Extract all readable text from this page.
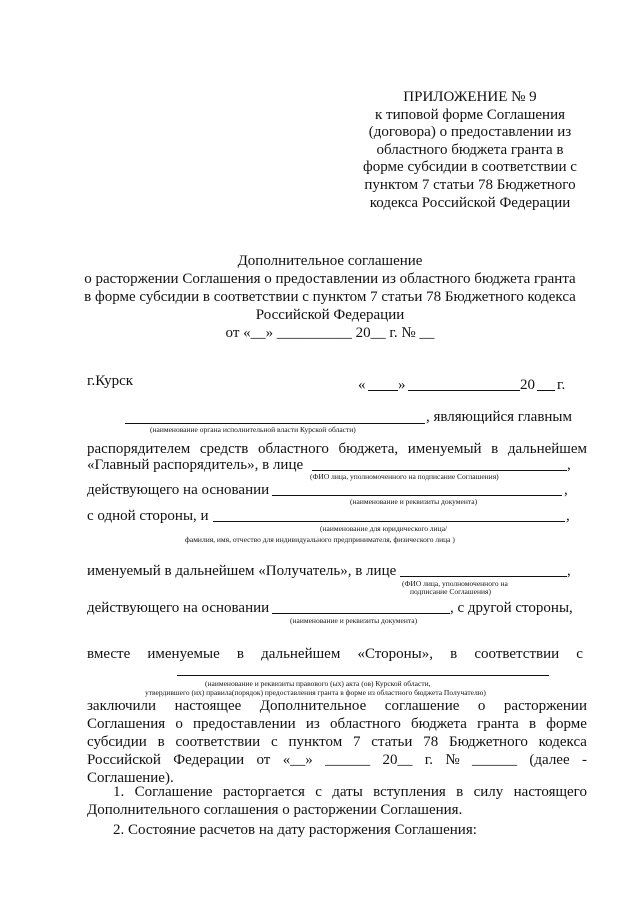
ПРИЛОЖЕНИЕ № 9
к типовой форме Соглашения
(договора) о предоставлении из
областного бюджета гранта в
форме субсидии в соответствии с
пунктом 7 статьи 78 Бюджетного
кодекса Российской Федерации
Дополнительное соглашение
о расторжении Соглашения о предоставлении из областного бюджета гранта
в форме субсидии в соответствии с пунктом 7 статьи 78 Бюджетного кодекса
Российской Федерации
от «__» __________ 20__ г. № __
г.Курск	« »	20 г.
, являющийся главным
(наименование органа исполнительной власти Курской области)
распорядителем средств областного бюджета, именуемый в дальнейшем
«Главный распорядитель», в лице	,
(ФИО лица, уполномоченного на подписание Соглашения)
действующего на основании	,
(наименование и реквизиты документа)
с одной стороны, и	,
(наименование для юридического лица/
фамилия, имя, отчество для индивидуального предпринимателя, физического лица )
именуемый в дальнейшем «Получатель», в лице	,
(ФИО лица, уполномоченного на
подписание Соглашения)
действующего на основании	, с другой стороны,
(наименование и реквизиты документа)
вместе именуемые в дальнейшем «Стороны», в соответствии с
(наименование и реквизиты правового (ых) акта (ов) Курской области,
утвердившего (их) правила(порядок) предоставления гранта в форме из областного бюджета Получателю)
заключили настоящее Дополнительное соглашение о расторжении
Соглашения о предоставлении из областного бюджета гранта в форме
субсидии в соответствии с пунктом 7 статьи 78 Бюджетного кодекса
Российской Федерации от «__» ______ 20__ г. № ______ (далее -
Соглашение).
1. Соглашение расторгается с даты вступления в силу настоящего
Дополнительного соглашения о расторжении Соглашения.
2. Состояние расчетов на дату расторжения Соглашения:
